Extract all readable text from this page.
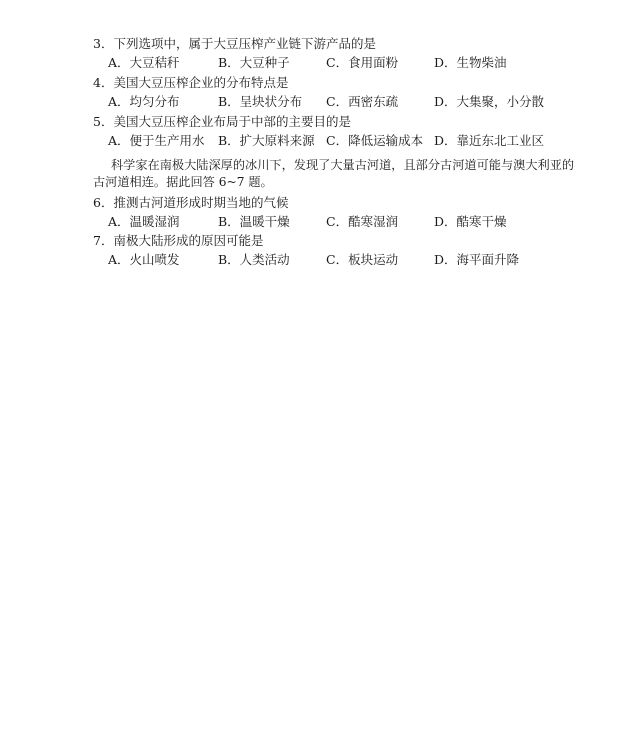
3．下列选项中，属于大豆压榨产业链下游产品的是
A．大豆秸秆	B．大豆种子	C．食用面粉	D．生物柴油
4．美国大豆压榨企业的分布特点是
A．均匀分布	B．呈块状分布 C．西密东疏	D．大集聚，小分散
5．美国大豆压榨企业布局于中部的主要目的是
A．便于生产用水 B．扩大原料来源 C．降低运输成本 D．靠近东北工业区
科学家在南极大陆深厚的冰川下，发现了大量古河道，且部分古河道可能与澳大利亚的
古河道相连。据此回答 6~7 题。
6．推测古河道形成时期当地的气候
A．温暖湿润	B．温暖干燥	C．酷寒湿润	D．酷寒干燥
7．南极大陆形成的原因可能是
A．火山喷发	B．人类活动	C．板块运动	D．海平面升降
